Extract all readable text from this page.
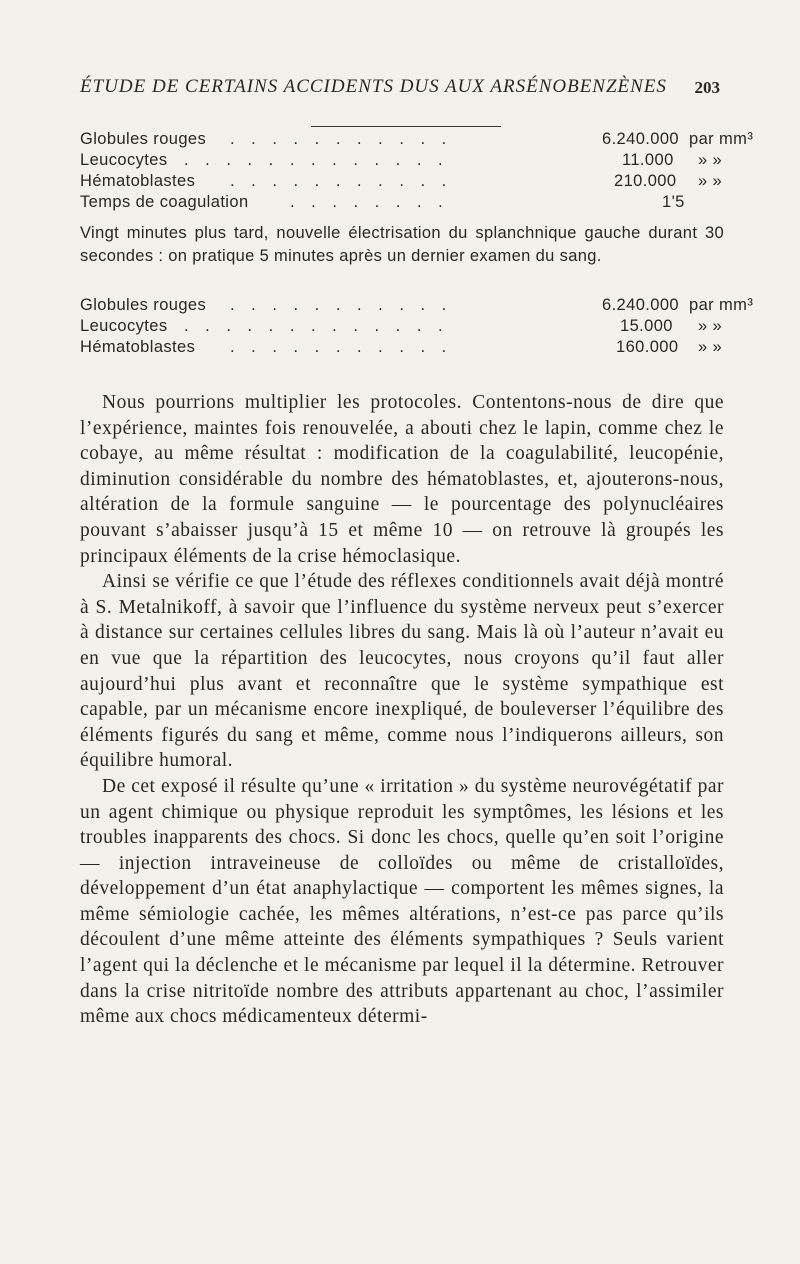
ÉTUDE DE CERTAINS ACCIDENTS DUS AUX ARSÉNOBENZÈNES 203
Globules rouges . . . . . . . . . . .	6.240.000 par mm³
Leucocytes . . . . . . . . . . . . .	11.000 » »
Hématoblastes . . . . . . . . . . .	210.000 » »
Temps de coagulation	. . . . . . . .	1'5
Vingt minutes plus tard, nouvelle électrisation du splanchnique gauche durant 30 secondes : on pratique 5 minutes après un dernier examen du sang.
Globules rouges . . . . . . . . . . .	6.240.000 par mm³
Leucocytes . . . . . . . . . . . . .	15.000 » »
Hématoblastes . . . . . . . . . . .	160.000 » »

Nous pourrions multiplier les protocoles. Contentons-nous de dire que l’expérience, maintes fois renouvelée, a abouti chez le lapin, comme chez le cobaye, au même résultat : modification de la coagulabilité, leucopénie, diminution considérable du nombre des hématoblastes, et, ajouterons-nous, altération de la formule sanguine — le pourcentage des polynucléaires pouvant s’abaisser jusqu’à 15 et même 10 — on retrouve là groupés les principaux éléments de la crise hémoclasique.

Ainsi se vérifie ce que l’étude des réflexes conditionnels avait déjà montré à S. Metalnikoff, à savoir que l’influence du système nerveux peut s’exercer à distance sur certaines cellules libres du sang. Mais là où l’auteur n’avait eu en vue que la répartition des leucocytes, nous croyons qu’il faut aller aujourd’hui plus avant et reconnaître que le système sympathique est capable, par un mécanisme encore inexpliqué, de bouleverser l’équilibre des éléments figurés du sang et même, comme nous l’indiquerons ailleurs, son équilibre humoral.

De cet exposé il résulte qu’une « irritation » du système neurovégétatif par un agent chimique ou physique reproduit les symptômes, les lésions et les troubles inapparents des chocs. Si donc les chocs, quelle qu’en soit l’origine — injection intraveineuse de colloïdes ou même de cristalloïdes, développement d’un état anaphylactique — comportent les mêmes signes, la même sémiologie cachée, les mêmes altérations, n’est-ce pas parce qu’ils découlent d’une même atteinte des éléments sympathiques ? Seuls varient l’agent qui la déclenche et le mécanisme par lequel il la détermine. Retrouver dans la crise nitritoïde nombre des attributs appartenant au choc, l’assimiler même aux chocs médicamenteux détermi-
